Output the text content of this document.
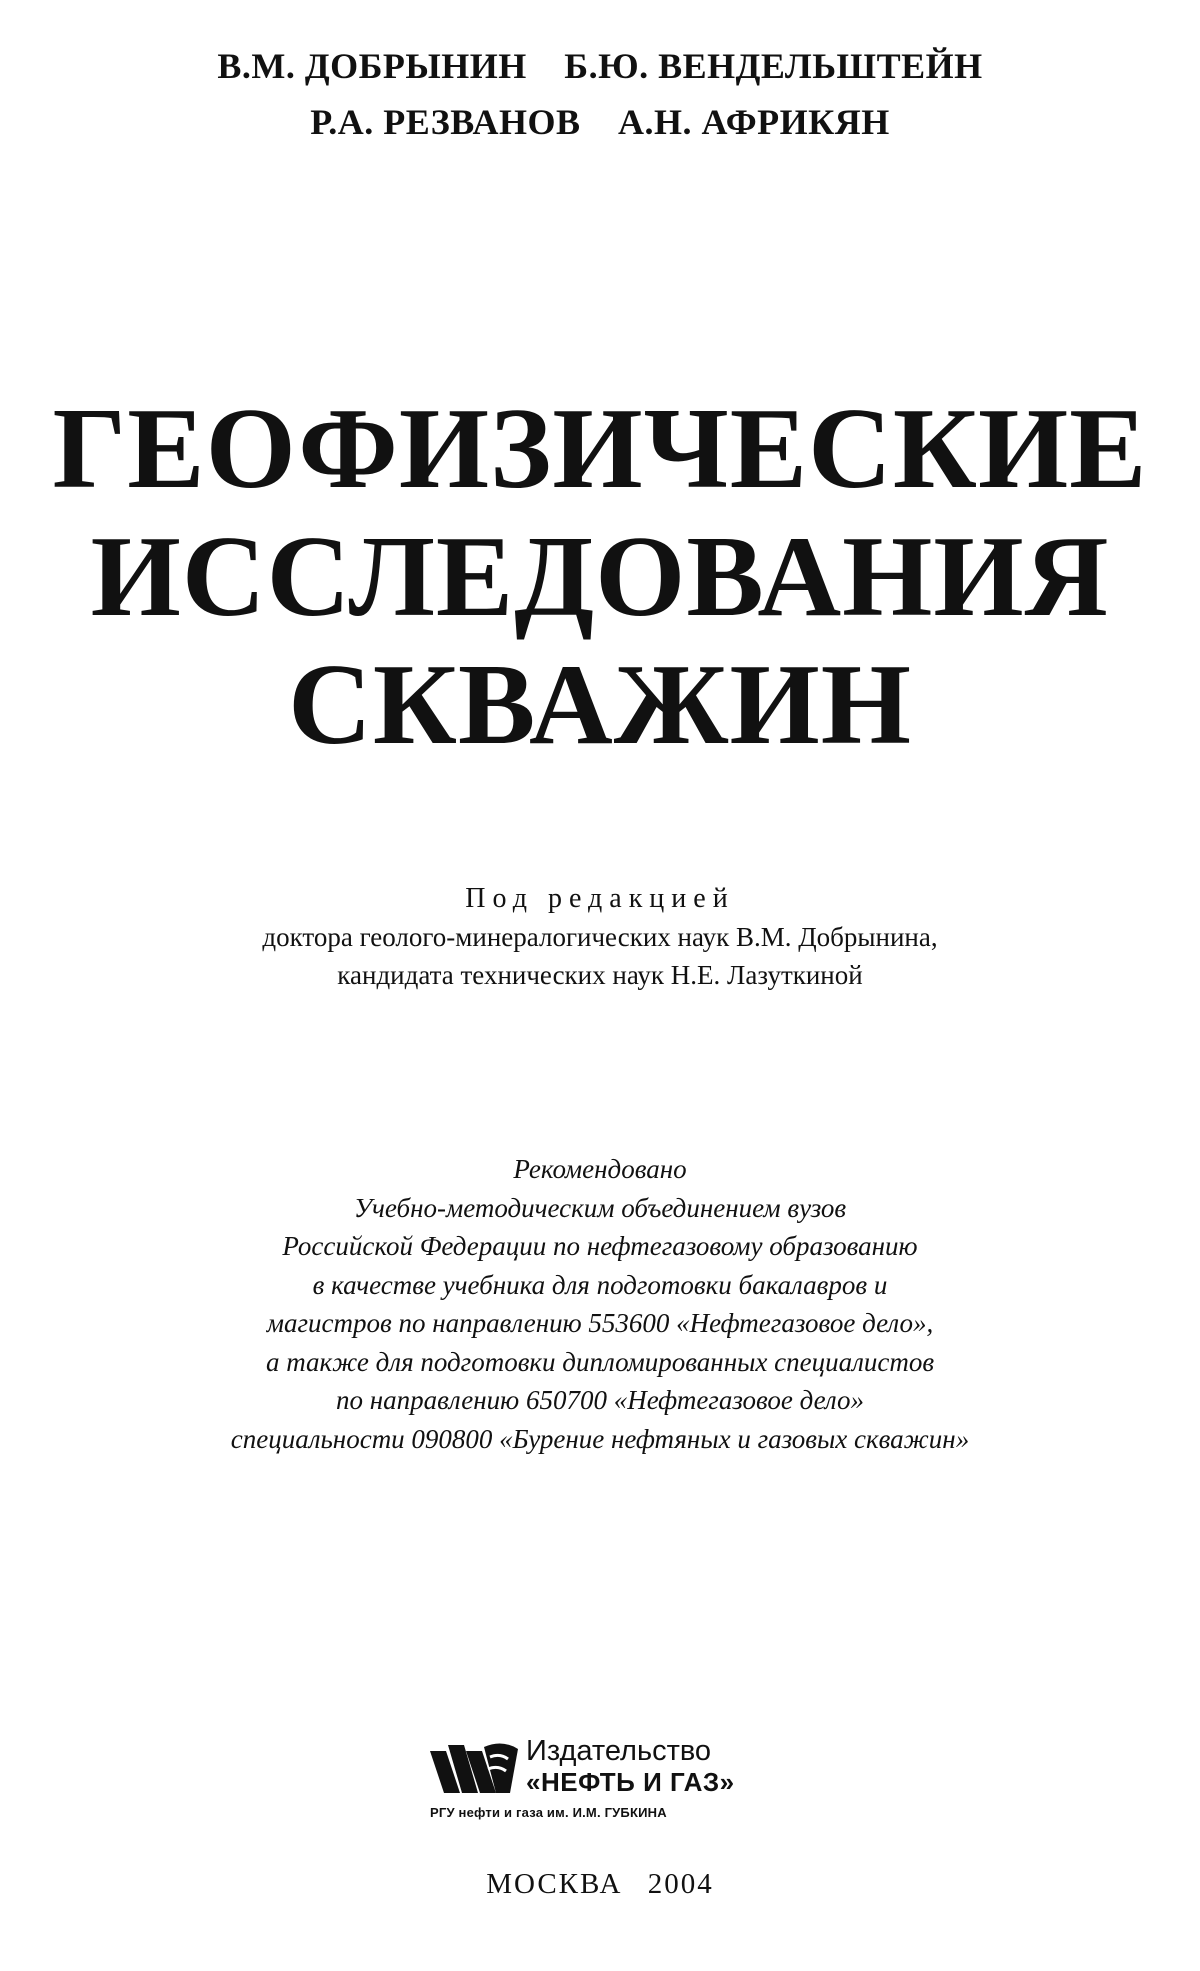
В.М. ДОБРЫНИН Б.Ю. ВЕНДЕЛЬШТЕЙН
Р.А. РЕЗВАНОВ А.Н. АФРИКЯН
ГЕОФИЗИЧЕСКИЕ
ИССЛЕДОВАНИЯ
СКВАЖИН
Под редакцией
доктора геолого-минералогических наук В.М. Добрынина,
кандидата технических наук Н.Е. Лазуткиной
Рекомендовано
Учебно-методическим объединением вузов
Российской Федерации по нефтегазовому образованию
в качестве учебника для подготовки бакалавров и
магистров по направлению 553600 «Нефтегазовое дело»,
а также для подготовки дипломированных специалистов
по направлению 650700 «Нефтегазовое дело»
специальности 090800 «Бурение нефтяных и газовых скважин»
Издательство
«НЕФТЬ И ГАЗ»
РГУ нефти и газа им. И.М. ГУБКИНА
МОСКВА 2004
